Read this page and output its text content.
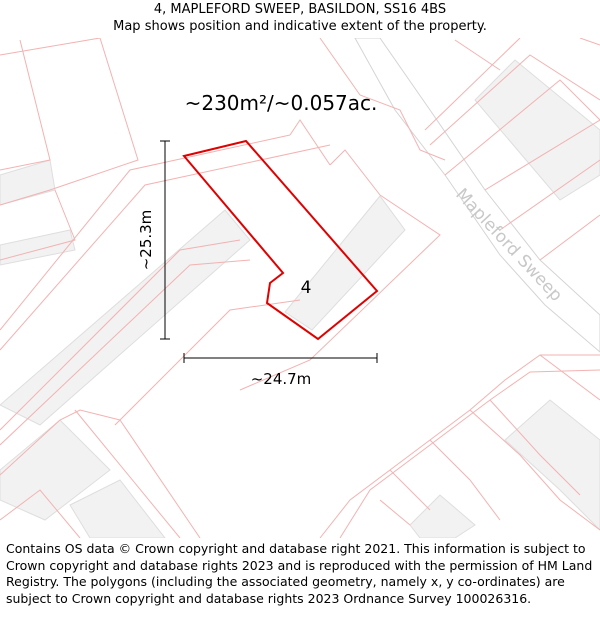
4, MAPLEFORD SWEEP, BASILDON, SS16 4BS
Map shows position and indicative extent of the property.
Mapleford Sweep
4
~230m²/~0.057ac.
~25.3m
~24.7m
Contains OS data © Crown copyright and database right 2021. This information is subject to Crown copyright and database rights 2023 and is reproduced with the permission of HM Land Registry. The polygons (including the associated geometry, namely x, y co-ordinates) are subject to Crown copyright and database rights 2023 Ordnance Survey 100026316.
